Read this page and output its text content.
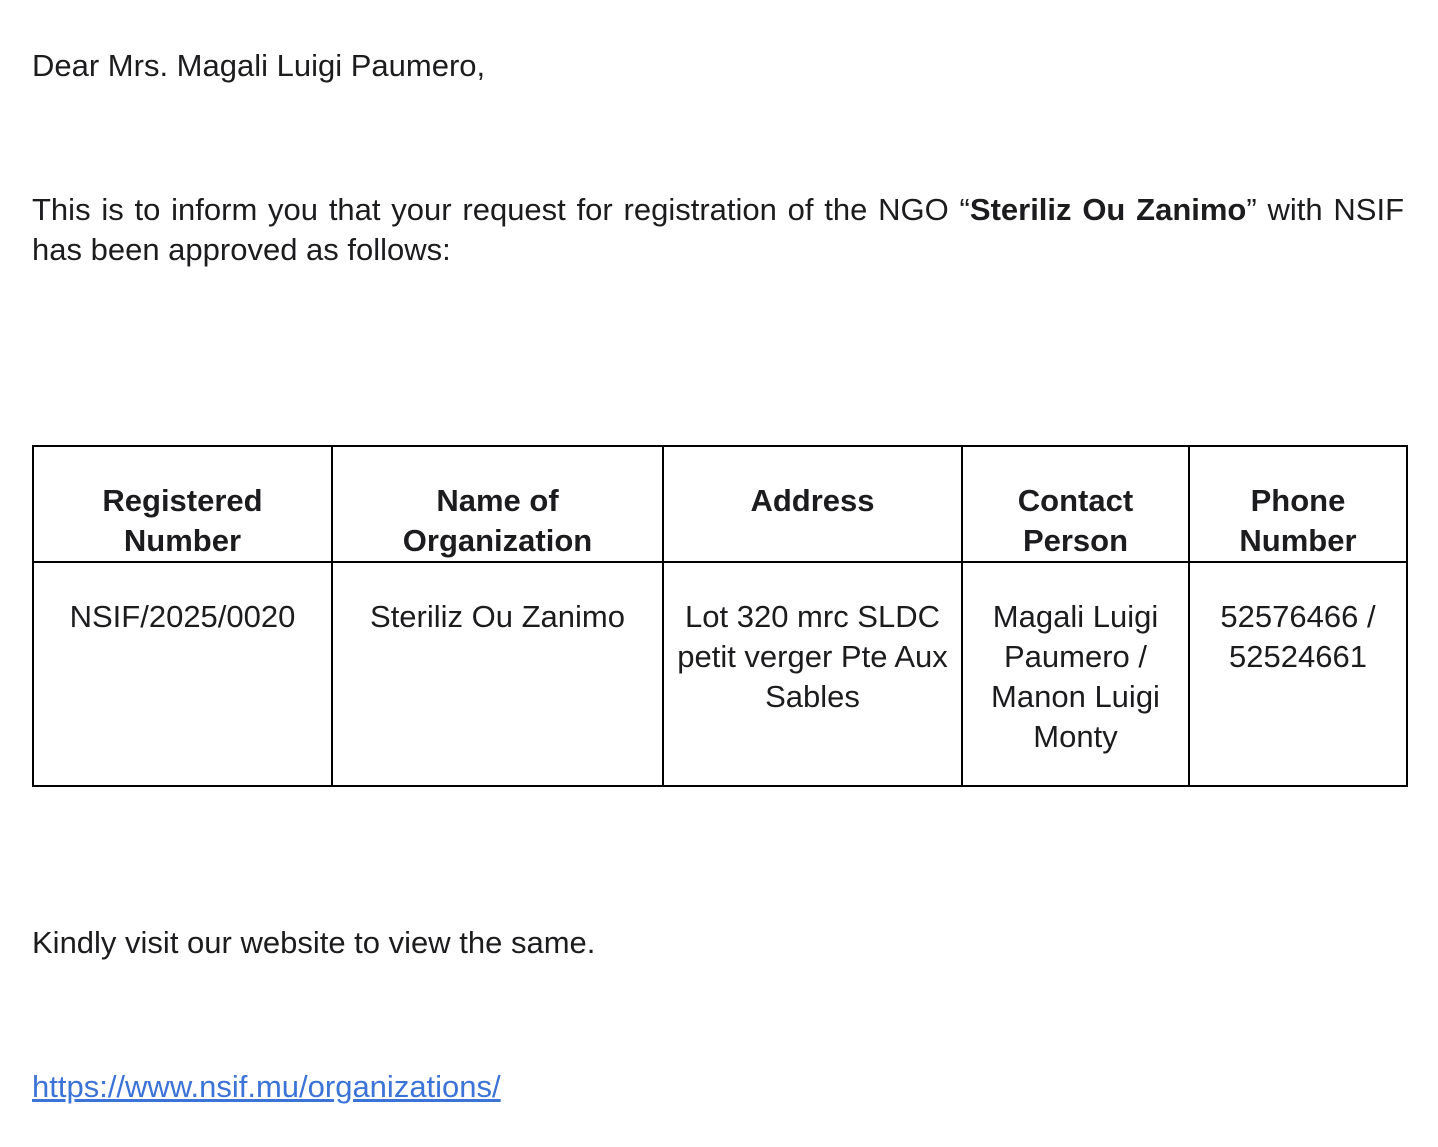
Dear Mrs. Magali Luigi Paumero,

This is to inform you that your request for registration of the NGO “Steriliz Ou Zanimo” with NSIF has been approved as follows:

Registered Number	Name of Organization	Address	Contact Person	Phone Number
NSIF/2025/0020	Steriliz Ou Zanimo	Lot 320 mrc SLDC petit verger Pte Aux Sables	Magali Luigi Paumero / Manon Luigi Monty	52576466 / 52524661

Kindly visit our website to view the same.

https://www.nsif.mu/organizations/
